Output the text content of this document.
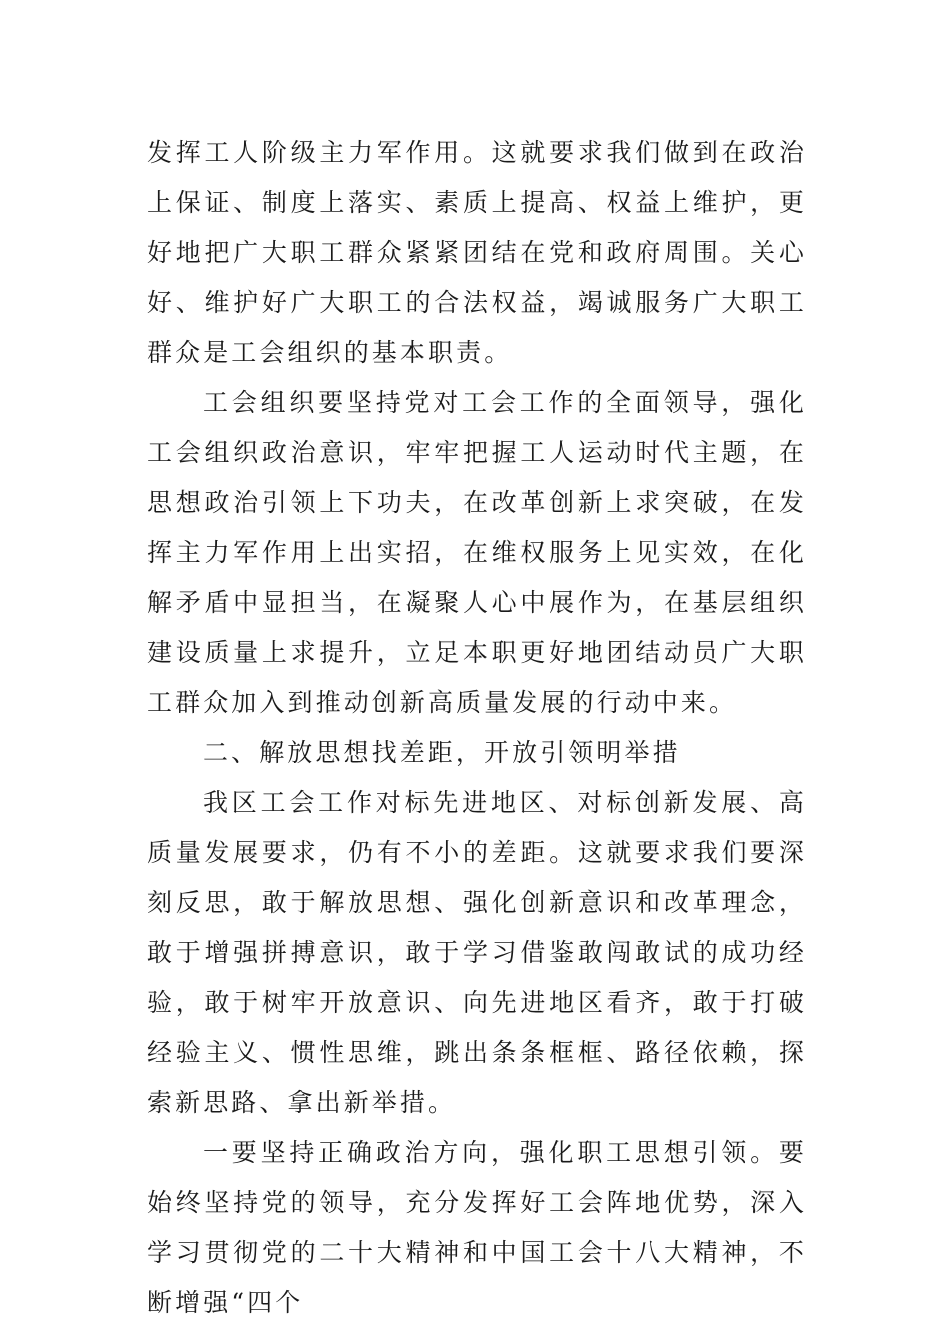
发挥工人阶级主力军作用。这就要求我们做到在政治上保证、制度上落实、素质上提高、权益上维护，更好地把广大职工群众紧紧团结在党和政府周围。关心好、维护好广大职工的合法权益，竭诚服务广大职工群众是工会组织的基本职责。

工会组织要坚持党对工会工作的全面领导，强化工会组织政治意识，牢牢把握工人运动时代主题，在思想政治引领上下功夫，在改革创新上求突破，在发挥主力军作用上出实招，在维权服务上见实效，在化解矛盾中显担当，在凝聚人心中展作为，在基层组织建设质量上求提升，立足本职更好地团结动员广大职工群众加入到推动创新高质量发展的行动中来。

二、解放思想找差距，开放引领明举措

我区工会工作对标先进地区、对标创新发展、高质量发展要求，仍有不小的差距。这就要求我们要深刻反思，敢于解放思想、强化创新意识和改革理念，敢于增强拼搏意识，敢于学习借鉴敢闯敢试的成功经验，敢于树牢开放意识、向先进地区看齐，敢于打破经验主义、惯性思维，跳出条条框框、路径依赖，探索新思路、拿出新举措。

一要坚持正确政治方向，强化职工思想引领。要始终坚持党的领导，充分发挥好工会阵地优势，深入学习贯彻党的二十大精神和中国工会十八大精神，不断增强“四个
